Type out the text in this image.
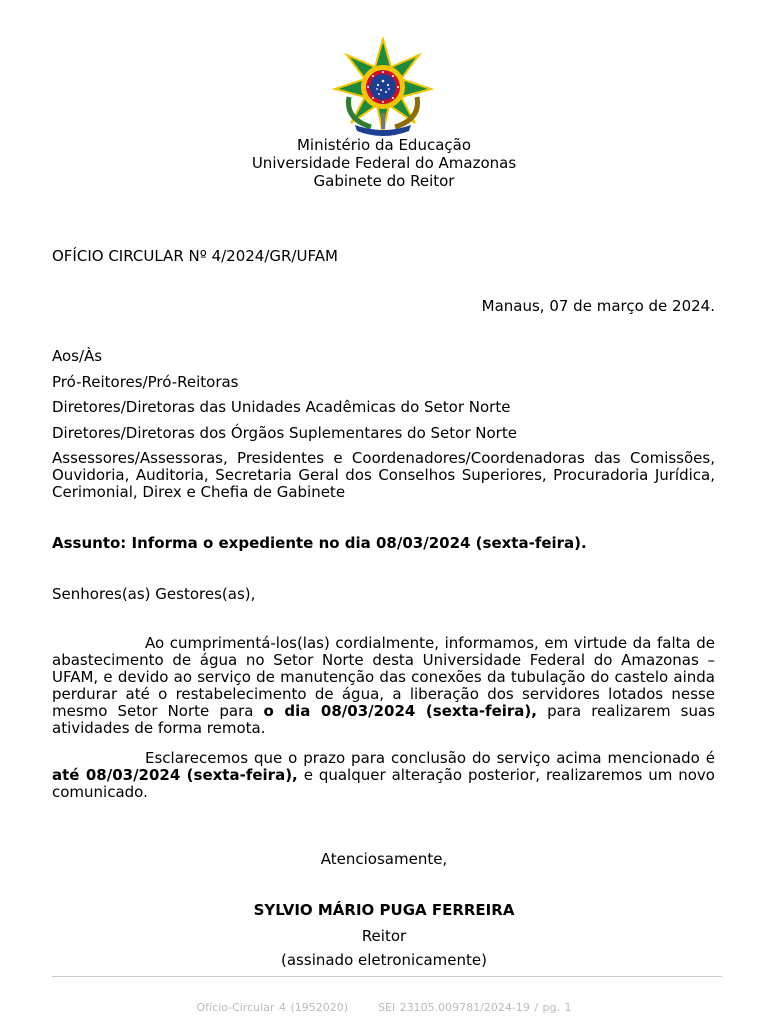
Ministério da Educação
Universidade Federal do Amazonas
Gabinete do Reitor
OFÍCIO CIRCULAR Nº 4/2024/GR/UFAM
Manaus, 07 de março de 2024.
Aos/Às
Pró-Reitores/Pró-Reitoras
Diretores/Diretoras das Unidades Acadêmicas do Setor Norte
Diretores/Diretoras dos Órgãos Suplementares do Setor Norte
Assessores/Assessoras, Presidentes e Coordenadores/Coordenadoras das Comissões, Ouvidoria, Auditoria, Secretaria Geral dos Conselhos Superiores, Procuradoria Jurídica, Cerimonial, Direx e Chefia de Gabinete
Assunto: Informa o expediente no dia 08/03/2024 (sexta-feira).
Senhores(as) Gestores(as),
Ao cumprimentá-los(las) cordialmente, informamos, em virtude da falta de abastecimento de água no Setor Norte desta Universidade Federal do Amazonas – UFAM, e devido ao serviço de manutenção das conexões da tubulação do castelo ainda perdurar até o restabelecimento de água, a liberação dos servidores lotados nesse mesmo Setor Norte para o dia 08/03/2024 (sexta-feira), para realizarem suas atividades de forma remota.
Esclarecemos que o prazo para conclusão do serviço acima mencionado é até 08/03/2024 (sexta-feira), e qualquer alteração posterior, realizaremos um novo comunicado.
Atenciosamente,
SYLVIO MÁRIO PUGA FERREIRA
Reitor
(assinado eletronicamente)
Ofício-Circular 4 (1952020)	SEI 23105.009781/2024-19 / pg. 1
